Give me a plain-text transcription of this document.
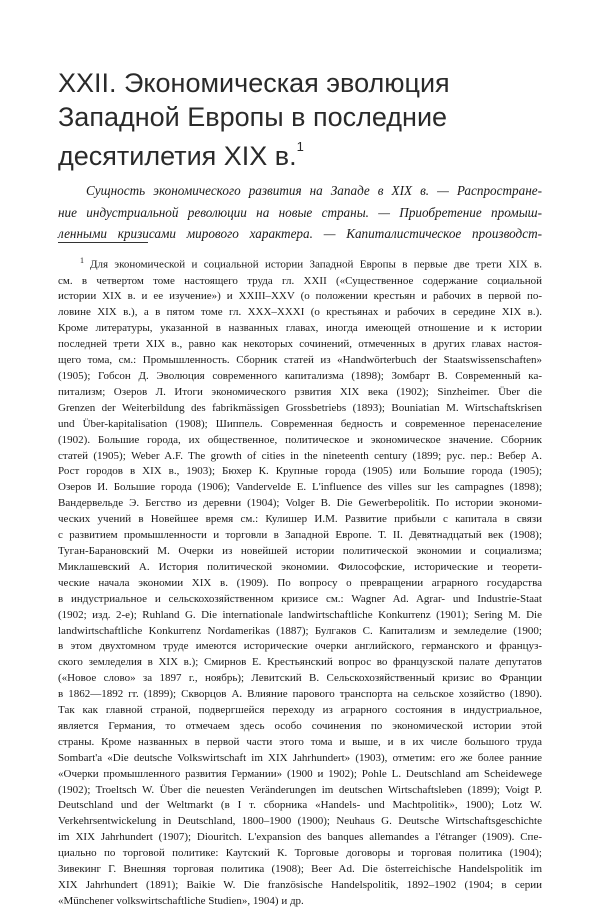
XXII. Экономическая эволюция
Западной Европы в последние
десятилетия XIX в.$^1$
Сущность экономического развития на Западе в XIX в. — Распростране-
ние индустриальной революции на новые страны. — Приобретение промыш-
ленными кризисами мирового характера. — Капиталистическое производст-
$^1$ Для экономической и социальной истории Западной Европы в первые две трети XIX в.
см. в четвертом томе настоящего труда гл. XXII («Существенное содержание социальной
истории XIX в. и ее изучение») и XXIII–XXV (о положении крестьян и рабочих в первой по-
ловине XIX в.), а в пятом томе гл. XXX–XXXI (о крестьянах и рабочих в середине XIX в.).
Кроме литературы, указанной в названных главах, иногда имеющей отношение и к истории
последней трети XIX в., равно как некоторых сочинений, отмеченных в других главах настоя-
щего тома, см.: Промышленность. Сборник статей из «Handwörterbuch der Staatswissenschaften»
(1905); Гобсон Д. Эволюция современного капитализма (1898); Зомбарт В. Современный ка-
питализм; Озеров Л. Итоги экономического рзвития XIX века (1902); Sinzheimer. Über die
Grenzen der Weiterbildung des fabrikmässigen Grossbetriebs (1893); Bouniatian M. Wirtschaftskrisen
und Über-kapitalisation (1908); Шиппель. Современная бедность и современное перенаселение
(1902). Большие города, их общественное, политическое и экономическое значение. Сборник
статей (1905); Weber A.F. The growth of cities in the nineteenth century (1899; рус. пер.: Вебер А.
Рост городов в XIX в., 1903); Бюхер К. Крупные города (1905) или Большие города (1905);
Озеров И. Большие города (1906); Vandervelde E. L'influence des villes sur les campagnes (1898);
Вандервельде Э. Бегство из деревни (1904); Volger B. Die Gewerbepolitik. По истории экономи-
ческих учений в Новейшее время см.: Кулишер И.М. Развитие прибыли с капитала в связи
с развитием промышленности и торговли в Западной Европе. Т. II. Девятнадцатый век (1908);
Туган-Барановский М. Очерки из новейшей истории политической экономии и социализма;
Миклашевский А. История политической экономии. Философские, исторические и теорети-
ческие начала экономии XIX в. (1909). По вопросу о превращении аграрного государства
в индустриальное и сельскохозяйственном кризисе см.: Wagner Ad. Agrar- und Industrie-Staat
(1902; изд. 2-е); Ruhland G. Die internationale landwirtschaftliche Konkurrenz (1901); Sering M. Die
landwirtschaftliche Konkurrenz Nordamerikas (1887); Булгаков С. Капитализм и земледелие (1900;
в этом двухтомном труде имеются исторические очерки английского, германского и француз-
ского земледелия в XIX в.); Смирнов Е. Крестьянский вопрос во французской палате депутатов
(«Новое слово» за 1897 г., ноябрь); Левитский В. Сельскохозяйственный кризис во Франции
в 1862—1892 гг. (1899); Скворцов А. Влияние парового транспорта на сельское хозяйство (1890).
Так как главной страной, подвергшейся переходу из аграрного состояния в индустриальное,
является Германия, то отмечаем здесь особо сочинения по экономической истории этой
страны. Кроме названных в первой части этого тома и выше, и в их числе большого труда
Sombart'a «Die deutsche Volkswirtschaft im XIX Jahrhundert» (1903), отметим: его же более ранние
«Очерки промышленного развития Германии» (1900 и 1902); Pohle L. Deutschland am Scheidewege
(1902); Troeltsch W. Über die neuesten Veränderungen im deutschen Wirtschaftsleben (1899); Voigt P.
Deutschland und der Weltmarkt (в I т. сборника «Handels- und Machtpolitik», 1900); Lotz W.
Verkehrsentwickelung in Deutschland, 1800–1900 (1900); Neuhaus G. Deutsche Wirtschaftsgeschichte
im XIX Jahrhundert (1907); Diouritch. L'expansion des banques allemandes a l'étranger (1909). Спе-
циально по торговой политике: Каутский К. Торговые договоры и торговая политика (1904);
Зивекинг Г. Внешняя торговая политика (1908); Beer Ad. Die österreichische Handelspolitik im
XIX Jahrhundert (1891); Baikie W. Die französische Handelspolitik, 1892–1902 (1904; в серии
«Münchener volkswirtschaftliche Studien», 1904) и др.
